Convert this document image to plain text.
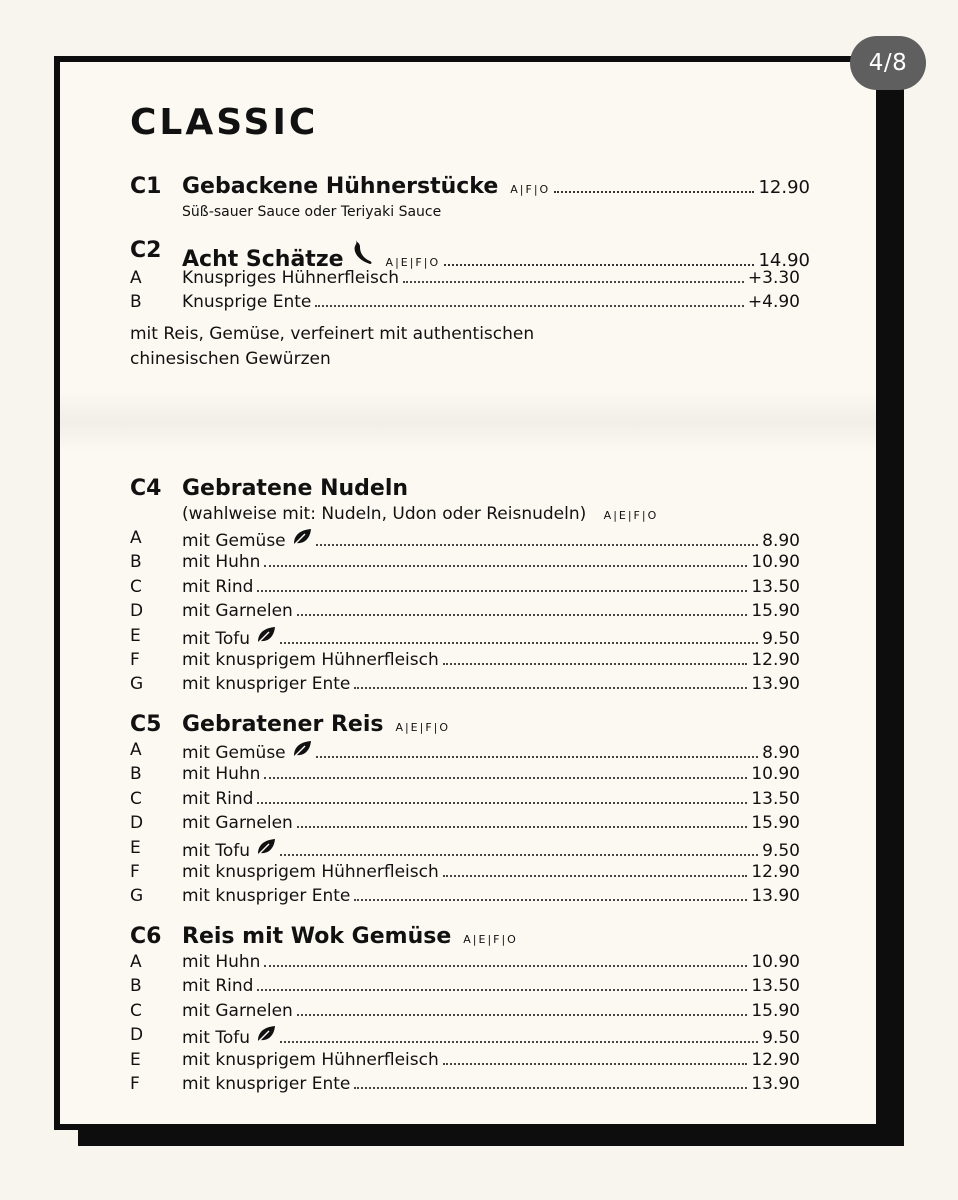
CLASSIC
C1 Gebackene Hühnerstücke A|F|O	12.90
Süß-sauer Sauce oder Teriyaki Sauce
C2 Acht Schätze	A|E|F|O	14.90
A	Knuspriges Hühnerfleisch	+3.30
B	Knusprige Ente	+4.90
mit Reis, Gemüse, verfeinert mit authentischen
chinesischen Gewürzen
C4 Gebratene Nudeln
(wahlweise mit: Nudeln, Udon oder Reisnudeln) A|E|F|O
A	mit Gemüse	8.90
B	mit Huhn	10.90
C	mit Rind	13.50
D	mit Garnelen	15.90
E	mit Tofu	9.50
F	mit knusprigem Hühnerfleisch	12.90
G	mit knuspriger Ente	13.90
C5 Gebratener Reis A|E|F|O
A	mit Gemüse	8.90
B	mit Huhn	10.90
C	mit Rind	13.50
D	mit Garnelen	15.90
E	mit Tofu	9.50
F	mit knusprigem Hühnerfleisch	12.90
G	mit knuspriger Ente	13.90
C6 Reis mit Wok Gemüse A|E|F|O
A	mit Huhn	10.90
B	mit Rind	13.50
C	mit Garnelen	15.90
D	mit Tofu	9.50
E	mit knusprigem Hühnerfleisch	12.90
F	mit knuspriger Ente	13.90
4/8
